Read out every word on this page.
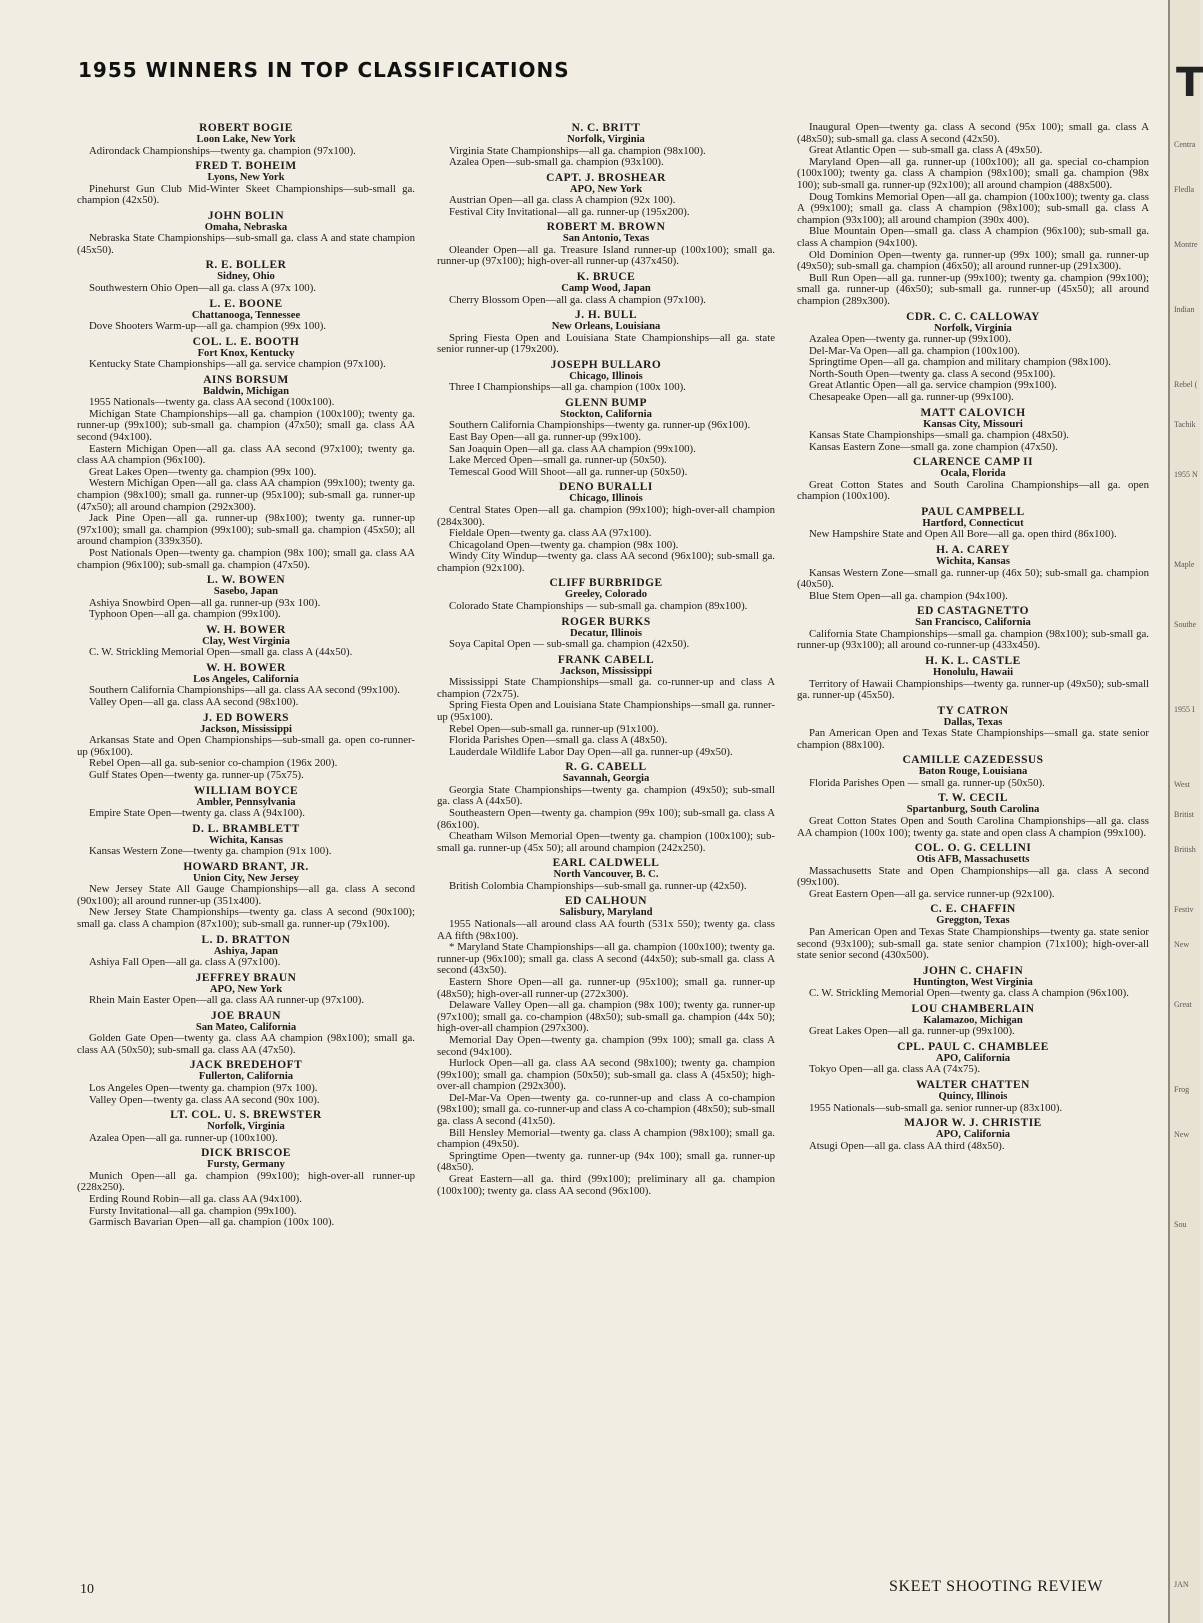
1955 WINNERS IN TOP CLASSIFICATIONS
ROBERT BOGIE
Loon Lake, New York
Adirondack Championships—twenty ga. champion (97x100).
FRED T. BOHEIM
Lyons, New York
Pinehurst Gun Club Mid-Winter Skeet Championships—sub-small ga. champion (42x50).
JOHN BOLIN
Omaha, Nebraska
Nebraska State Championships—sub-small ga. class A and state champion (45x50).
R. E. BOLLER
Sidney, Ohio
Southwestern Ohio Open—all ga. class A (97x 100).
L. E. BOONE
Chattanooga, Tennessee
Dove Shooters Warm-up—all ga. champion (99x 100).
COL. L. E. BOOTH
Fort Knox, Kentucky
Kentucky State Championships—all ga. service champion (97x100).
AINS BORSUM
Baldwin, Michigan
1955 Nationals—twenty ga. class AA second (100x100).
Michigan State Championships—all ga. champion (100x100); twenty ga. runner-up (99x100); sub-small ga. champion (47x50); small ga. class AA second (94x100).
Eastern Michigan Open—all ga. class AA second (97x100); twenty ga. class AA champion (96x100).
Great Lakes Open—twenty ga. champion (99x 100).
Western Michigan Open—all ga. class AA champion (99x100); twenty ga. champion (98x100); small ga. runner-up (95x100); sub-small ga. runner-up (47x50); all around champion (292x300).
Jack Pine Open—all ga. runner-up (98x100); twenty ga. runner-up (97x100); small ga. champion (99x100); sub-small ga. champion (45x50); all around champion (339x350).
Post Nationals Open—twenty ga. champion (98x 100); small ga. class AA champion (96x100); sub-small ga. champion (47x50).
L. W. BOWEN
Sasebo, Japan
Ashiya Snowbird Open—all ga. runner-up (93x 100).
Typhoon Open—all ga. champion (99x100).
W. H. BOWER
Clay, West Virginia
C. W. Strickling Memorial Open—small ga. class A (44x50).
W. H. BOWER
Los Angeles, California
Southern California Championships—all ga. class AA second (99x100).
Valley Open—all ga. class AA second (98x100).
J. ED BOWERS
Jackson, Mississippi
Arkansas State and Open Championships—sub-small ga. open co-runner-up (96x100).
Rebel Open—all ga. sub-senior co-champion (196x 200).
Gulf States Open—twenty ga. runner-up (75x75).
WILLIAM BOYCE
Ambler, Pennsylvania
Empire State Open—twenty ga. class A (94x100).
D. L. BRAMBLETT
Wichita, Kansas
Kansas Western Zone—twenty ga. champion (91x 100).
HOWARD BRANT, JR.
Union City, New Jersey
New Jersey State All Gauge Championships—all ga. class A second (90x100); all around runner-up (351x400).
New Jersey State Championships—twenty ga. class A second (90x100); small ga. class A champion (87x100); sub-small ga. runner-up (79x100).
L. D. BRATTON
Ashiya, Japan
Ashiya Fall Open—all ga. class A (97x100).
JEFFREY BRAUN
APO, New York
Rhein Main Easter Open—all ga. class AA runner-up (97x100).
JOE BRAUN
San Mateo, California
Golden Gate Open—twenty ga. class AA champion (98x100); small ga. class AA (50x50); sub-small ga. class AA (47x50).
JACK BREDEHOFT
Fullerton, California
Los Angeles Open—twenty ga. champion (97x 100).
Valley Open—twenty ga. class AA second (90x 100).
LT. COL. U. S. BREWSTER
Norfolk, Virginia
Azalea Open—all ga. runner-up (100x100).
DICK BRISCOE
Fursty, Germany
Munich Open—all ga. champion (99x100); high-over-all runner-up (228x250).
Erding Round Robin—all ga. class AA (94x100).
Fursty Invitational—all ga. champion (99x100).
Garmisch Bavarian Open—all ga. champion (100x 100).
N. C. BRITT
Norfolk, Virginia
Virginia State Championships—all ga. champion (98x100).
Azalea Open—sub-small ga. champion (93x100).
CAPT. J. BROSHEAR
APO, New York
Austrian Open—all ga. class A champion (92x 100).
Festival City Invitational—all ga. runner-up (195x200).
ROBERT M. BROWN
San Antonio, Texas
Oleander Open—all ga. Treasure Island runner-up (100x100); small ga. runner-up (97x100); high-over-all runner-up (437x450).
K. BRUCE
Camp Wood, Japan
Cherry Blossom Open—all ga. class A champion (97x100).
J. H. BULL
New Orleans, Louisiana
Spring Fiesta Open and Louisiana State Championships—all ga. state senior runner-up (179x200).
JOSEPH BULLARO
Chicago, Illinois
Three I Championships—all ga. champion (100x 100).
GLENN BUMP
Stockton, California
Southern California Championships—twenty ga. runner-up (96x100).
East Bay Open—all ga. runner-up (99x100).
San Joaquin Open—all ga. class AA champion (99x100).
Lake Merced Open—small ga. runner-up (50x50).
Temescal Good Will Shoot—all ga. runner-up (50x50).
DENO BURALLI
Chicago, Illinois
Central States Open—all ga. champion (99x100); high-over-all champion (284x300).
Fieldale Open—twenty ga. class AA (97x100).
Chicagoland Open—twenty ga. champion (98x 100).
Windy City Windup—twenty ga. class AA second (96x100); sub-small ga. champion (92x100).
CLIFF BURBRIDGE
Greeley, Colorado
Colorado State Championships — sub-small ga. champion (89x100).
ROGER BURKS
Decatur, Illinois
Soya Capital Open — sub-small ga. champion (42x50).
FRANK CABELL
Jackson, Mississippi
Mississippi State Championships—small ga. co-runner-up and class A champion (72x75).
Spring Fiesta Open and Louisiana State Championships—small ga. runner-up (95x100).
Rebel Open—sub-small ga. runner-up (91x100).
Florida Parishes Open—small ga. class A (48x50).
Lauderdale Wildlife Labor Day Open—all ga. runner-up (49x50).
R. G. CABELL
Savannah, Georgia
Georgia State Championships—twenty ga. champion (49x50); sub-small ga. class A (44x50).
Southeastern Open—twenty ga. champion (99x 100); sub-small ga. class A (86x100).
Cheatham Wilson Memorial Open—twenty ga. champion (100x100); sub-small ga. runner-up (45x 50); all around champion (242x250).
EARL CALDWELL
North Vancouver, B. C.
British Colombia Championships—sub-small ga. runner-up (42x50).
ED CALHOUN
Salisbury, Maryland
1955 Nationals—all around class AA fourth (531x 550); twenty ga. class AA fifth (98x100).
* Maryland State Championships—all ga. champion (100x100); twenty ga. runner-up (96x100); small ga. class A second (44x50); sub-small ga. class A second (43x50).
Eastern Shore Open—all ga. runner-up (95x100); small ga. runner-up (48x50); high-over-all runner-up (272x300).
Delaware Valley Open—all ga. champion (98x 100); twenty ga. runner-up (97x100); small ga. co-champion (48x50); sub-small ga. champion (44x 50); high-over-all champion (297x300).
Memorial Day Open—twenty ga. champion (99x 100); small ga. class A second (94x100).
Hurlock Open—all ga. class AA second (98x100); twenty ga. champion (99x100); small ga. champion (50x50); sub-small ga. class A (45x50); high-over-all champion (292x300).
Del-Mar-Va Open—twenty ga. co-runner-up and class A co-champion (98x100); small ga. co-runner-up and class A co-champion (48x50); sub-small ga. class A second (41x50).
Bill Hensley Memorial—twenty ga. class A champion (98x100); small ga. champion (49x50).
Springtime Open—twenty ga. runner-up (94x 100); small ga. runner-up (48x50).
Great Eastern—all ga. third (99x100); preliminary all ga. champion (100x100); twenty ga. class AA second (96x100).
Inaugural Open—twenty ga. class A second (95x 100); small ga. class A (48x50); sub-small ga. class A second (42x50).
Great Atlantic Open — sub-small ga. class A (49x50).
Maryland Open—all ga. runner-up (100x100); all ga. special co-champion (100x100); twenty ga. class A champion (98x100); small ga. champion (98x 100); sub-small ga. runner-up (92x100); all around champion (488x500).
Doug Tomkins Memorial Open—all ga. champion (100x100); twenty ga. class A (99x100); small ga. class A champion (98x100); sub-small ga. class A champion (93x100); all around champion (390x 400).
Blue Mountain Open—small ga. class A champion (96x100); sub-small ga. class A champion (94x100).
Old Dominion Open—twenty ga. runner-up (99x 100); small ga. runner-up (49x50); sub-small ga. champion (46x50); all around runner-up (291x300).
Bull Run Open—all ga. runner-up (99x100); twenty ga. champion (99x100); small ga. runner-up (46x50); sub-small ga. runner-up (45x50); all around champion (289x300).
CDR. C. C. CALLOWAY
Norfolk, Virginia
Azalea Open—twenty ga. runner-up (99x100).
Del-Mar-Va Open—all ga. champion (100x100).
Springtime Open—all ga. champion and military champion (98x100).
North-South Open—twenty ga. class A second (95x100).
Great Atlantic Open—all ga. service champion (99x100).
Chesapeake Open—all ga. runner-up (99x100).
MATT CALOVICH
Kansas City, Missouri
Kansas State Championships—small ga. champion (48x50).
Kansas Eastern Zone—small ga. zone champion (47x50).
CLARENCE CAMP II
Ocala, Florida
Great Cotton States and South Carolina Championships—all ga. open champion (100x100).
PAUL CAMPBELL
Hartford, Connecticut
New Hampshire State and Open All Bore—all ga. open third (86x100).
H. A. CAREY
Wichita, Kansas
Kansas Western Zone—small ga. runner-up (46x 50); sub-small ga. champion (40x50).
Blue Stem Open—all ga. champion (94x100).
ED CASTAGNETTO
San Francisco, California
California State Championships—small ga. champion (98x100); sub-small ga. runner-up (93x100); all around co-runner-up (433x450).
H. K. L. CASTLE
Honolulu, Hawaii
Territory of Hawaii Championships—twenty ga. runner-up (49x50); sub-small ga. runner-up (45x50).
TY CATRON
Dallas, Texas
Pan American Open and Texas State Championships—small ga. state senior champion (88x100).
CAMILLE CAZEDESSUS
Baton Rouge, Louisiana
Florida Parishes Open — small ga. runner-up (50x50).
T. W. CECIL
Spartanburg, South Carolina
Great Cotton States Open and South Carolina Championships—all ga. class AA champion (100x 100); twenty ga. state and open class A champion (99x100).
COL. O. G. CELLINI
Otis AFB, Massachusetts
Massachusetts State and Open Championships—all ga. class A second (99x100).
Great Eastern Open—all ga. service runner-up (92x100).
C. E. CHAFFIN
Greggton, Texas
Pan American Open and Texas State Championships—twenty ga. state senior second (93x100); sub-small ga. state senior champion (71x100); high-over-all state senior second (430x500).
JOHN C. CHAFIN
Huntington, West Virginia
C. W. Strickling Memorial Open—twenty ga. class A champion (96x100).
LOU CHAMBERLAIN
Kalamazoo, Michigan
Great Lakes Open—all ga. runner-up (99x100).
CPL. PAUL C. CHAMBLEE
APO, California
Tokyo Open—all ga. class AA (74x75).
WALTER CHATTEN
Quincy, Illinois
1955 Nationals—sub-small ga. senior runner-up (83x100).
MAJOR W. J. CHRISTIE
APO, California
Atsugi Open—all ga. class AA third (48x50).
10	SKEET SHOOTING REVIEW
T
Centra
Fledla
Montre
Indian
Rebel (
Tachik
1955 N
Maple
Southe
1955 I
West
Britist
British
Festiv
New
Great
Frog
New
Sou
JAN
